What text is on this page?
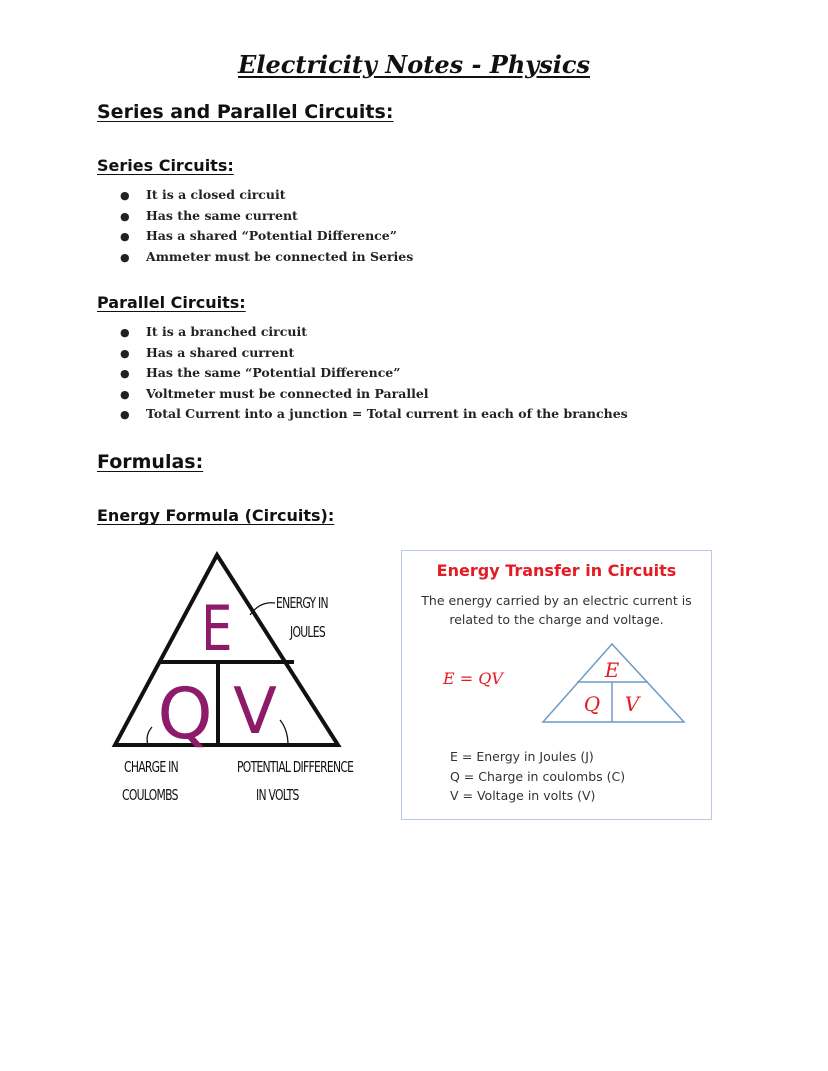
Electricity Notes - Physics
Series and Parallel Circuits:
Series Circuits:
● It is a closed circuit
● Has the same current
● Has a shared “Potential Difference”
● Ammeter must be connected in Series
Parallel Circuits:
● It is a branched circuit
● Has a shared current
● Has the same “Potential Difference”
● Voltmeter must be connected in Parallel
● Total Current into a junction = Total current in each of the branches
Formulas:
Energy Formula (Circuits):
E
Q V
ENERGY IN
JOULES
CHARGE IN
COULOMBS
POTENTIAL DIFFERENCE
IN VOLTS
Energy Transfer in Circuits
The energy carried by an electric current is
related to the charge and voltage.
E = QV	E
Q V
E = Energy in Joules (J)
Q = Charge in coulombs (C)
V = Voltage in volts (V)
